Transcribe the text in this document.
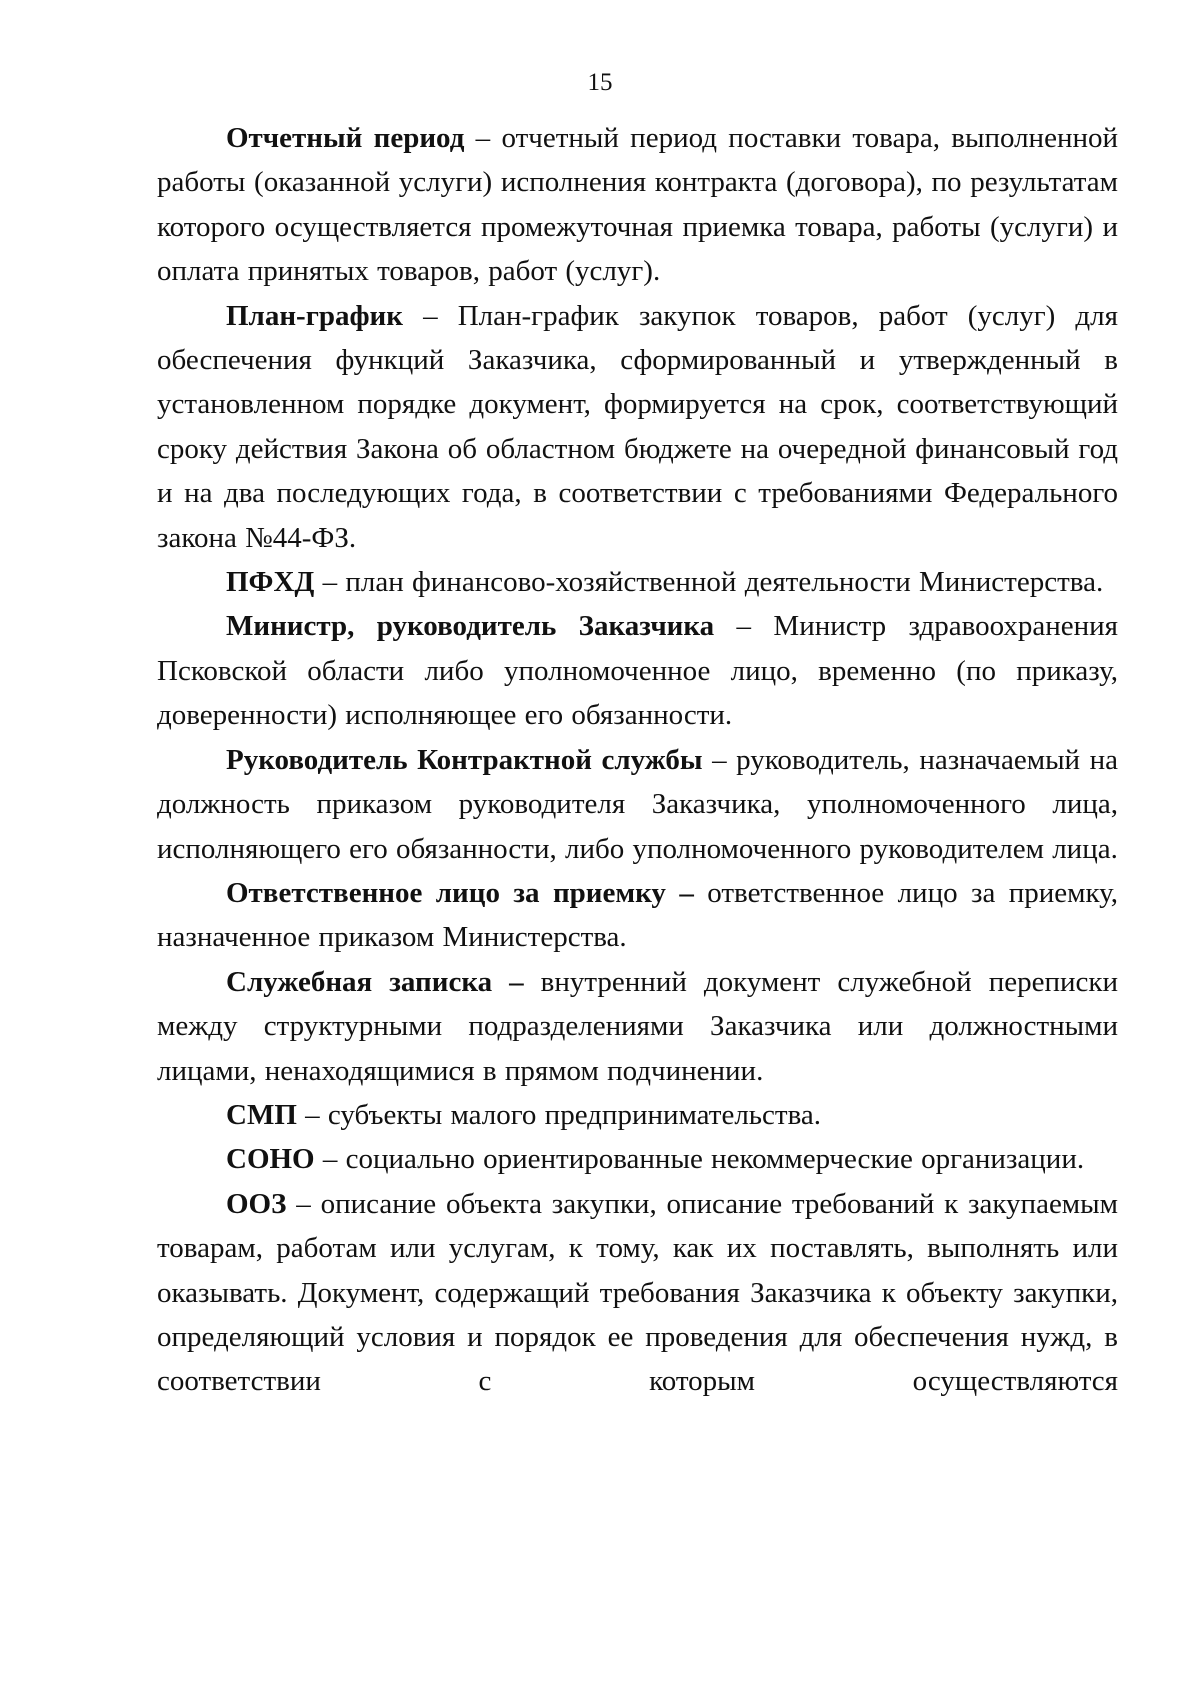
15

Отчетный период – отчетный период поставки товара, выполненной работы (оказанной услуги) исполнения контракта (договора), по результатам которого осуществляется промежуточная приемка товара, работы (услуги) и оплата принятых товаров, работ (услуг).

План-график – План-график закупок товаров, работ (услуг) для обеспечения функций Заказчика, сформированный и утвержденный в установленном порядке документ, формируется на срок, соответствующий сроку действия Закона об областном бюджете на очередной финансовый год и на два последующих года, в соответствии с требованиями Федерального закона №44-ФЗ.

ПФХД – план финансово-хозяйственной деятельности Министерства.

Министр, руководитель Заказчика – Министр здравоохранения Псковской области либо уполномоченное лицо, временно (по приказу, доверенности) исполняющее его обязанности.

Руководитель Контрактной службы – руководитель, назначаемый на должность приказом руководителя Заказчика, уполномоченного лица, исполняющего его обязанности, либо уполномоченного руководителем лица.

Ответственное лицо за приемку – ответственное лицо за приемку, назначенное приказом Министерства.

Служебная записка – внутренний документ служебной переписки между структурными подразделениями Заказчика или должностными лицами, ненаходящимися в прямом подчинении.

СМП – субъекты малого предпринимательства.

СОНО – социально ориентированные некоммерческие организации.

ООЗ – описание объекта закупки, описание требований к закупаемым товарам, работам или услугам, к тому, как их поставлять, выполнять или оказывать. Документ, содержащий требования Заказчика к объекту закупки, определяющий условия и порядок ее проведения для обеспечения нужд, в соответствии с которым осуществляются
